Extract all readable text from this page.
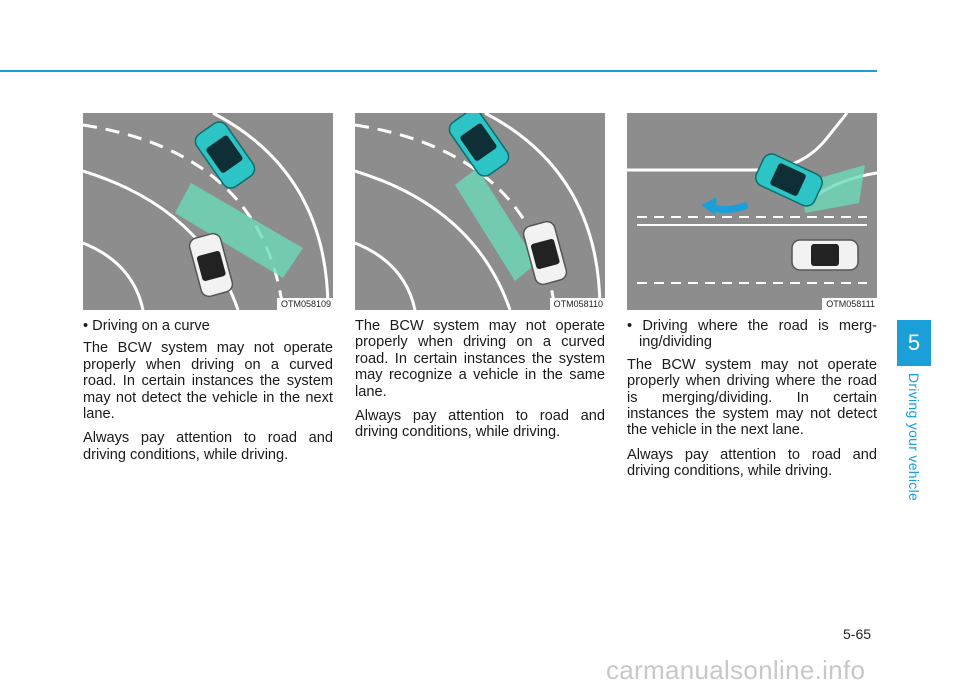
OTM058109	OTM058110	OTM058111

• Driving on a curve

The BCW system may not operate properly when driving on a curved road. In certain instances the system may not detect the vehicle in the next lane.

Always pay attention to road and driving conditions, while driving.

The BCW system may not operate properly when driving on a curved road. In certain instances the system may recognize a vehicle in the same lane.

Always pay attention to road and driving conditions, while driving.

• Driving where the road is merg-ing/dividing

The BCW system may not operate properly when driving where the road is merging/dividing. In certain instances the system may not detect the vehicle in the next lane.

Always pay attention to road and driving conditions, while driving.

5
Driving your vehicle
5-65
carmanualsonline.info
